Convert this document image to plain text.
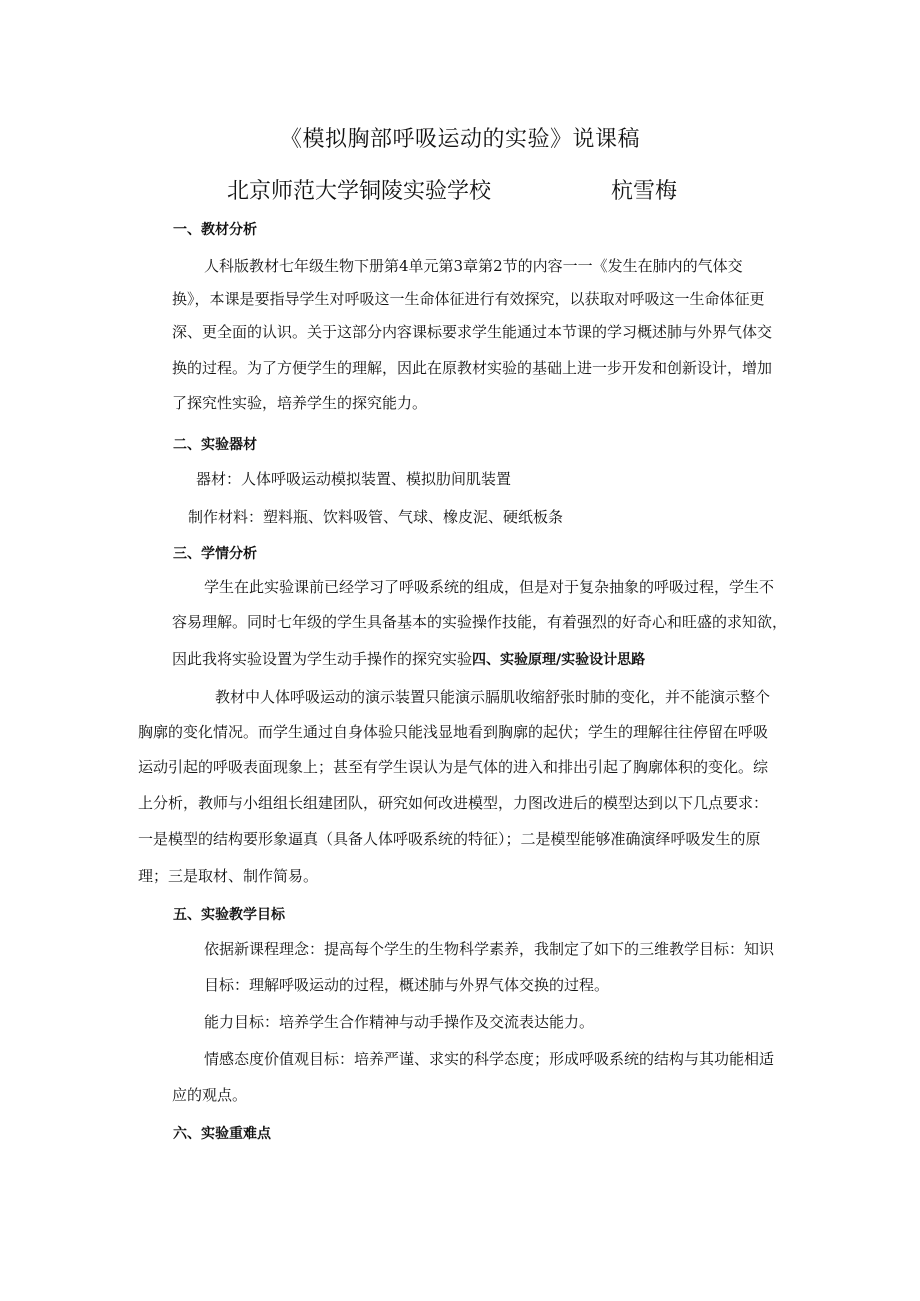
《模拟胸部呼吸运动的实验》说课稿
北京师范大学铜陵实验学校	杭雪梅
一、教材分析
人科版教材七年级生物下册第4单元第3章第2节的内容一一《发生在肺内的气体交
换》，本课是要指导学生对呼吸这一生命体征进行有效探究，以获取对呼吸这一生命体征更
深、更全面的认识。关于这部分内容课标要求学生能通过本节课的学习概述肺与外界气体交
换的过程。为了方便学生的理解，因此在原教材实验的基础上进一步开发和创新设计，增加
了探究性实验，培养学生的探究能力。
二、实验器材
器材：人体呼吸运动模拟装置、模拟肋间肌装置
制作材料：塑料瓶、饮料吸管、气球、橡皮泥、硬纸板条
三、学情分析
学生在此实验课前已经学习了呼吸系统的组成，但是对于复杂抽象的呼吸过程，学生不
容易理解。同时七年级的学生具备基本的实验操作技能，有着强烈的好奇心和旺盛的求知欲，
因此我将实验设置为学生动手操作的探究实验四、实验原理/实验设计思路
教材中人体呼吸运动的演示装置只能演示膈肌收缩舒张时肺的变化，并不能演示整个
胸廓的变化情况。而学生通过自身体验只能浅显地看到胸廓的起伏；学生的理解往往停留在呼吸
运动引起的呼吸表面现象上；甚至有学生误认为是气体的进入和排出引起了胸廓体积的变化。综
上分析，教师与小组组长组建团队，研究如何改进模型，力图改进后的模型达到以下几点要求：
一是模型的结构要形象逼真（具备人体呼吸系统的特征）；二是模型能够准确演绎呼吸发生的原
理；三是取材、制作简易。
五、实验教学目标
依据新课程理念：提高每个学生的生物科学素养，我制定了如下的三维教学目标：知识
目标：理解呼吸运动的过程，概述肺与外界气体交换的过程。
能力目标：培养学生合作精神与动手操作及交流表达能力。
情感态度价值观目标：培养严谨、求实的科学态度；形成呼吸系统的结构与其功能相适
应的观点。
六、实验重难点
